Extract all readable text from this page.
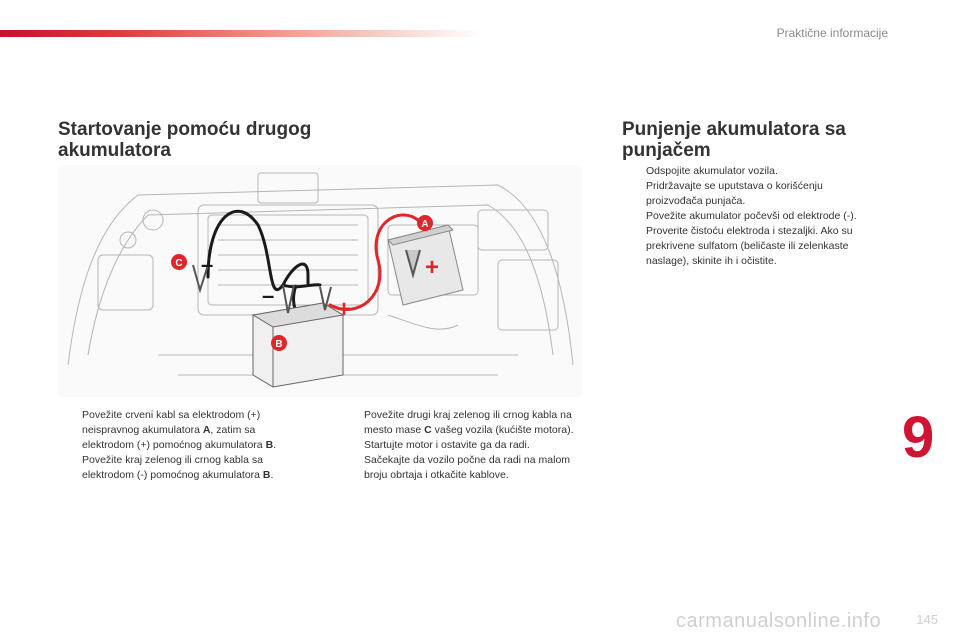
Praktične informacije
Startovanje pomoću drugog
akumulatora
Punjenje akumulatora sa
punjačem
–
–
+
+
A
B
C
Povežite crveni kabl sa elektrodom (+) neispravnog akumulatora A, zatim sa elektrodom (+) pomoćnog akumulatora B.
Povežite kraj zelenog ili crnog kabla sa elektrodom (-) pomoćnog akumulatora B.
Povežite drugi kraj zelenog ili crnog kabla na mesto mase C vašeg vozila (kućište motora).
Startujte motor i ostavite ga da radi.
Sačekajte da vozilo počne da radi na malom broju obrtaja i otkačite kablove.
Odspojite akumulator vozila.
Pridržavajte se uputstava o korišćenju proizvođača punjača.
Povežite akumulator počevši od elektrode (-).
Proverite čistoću elektroda i stezaljki. Ako su prekrivene sulfatom (beličaste ili zelenkaste naslage), skinite ih i očistite.
9
carmanualsonline.info	145
